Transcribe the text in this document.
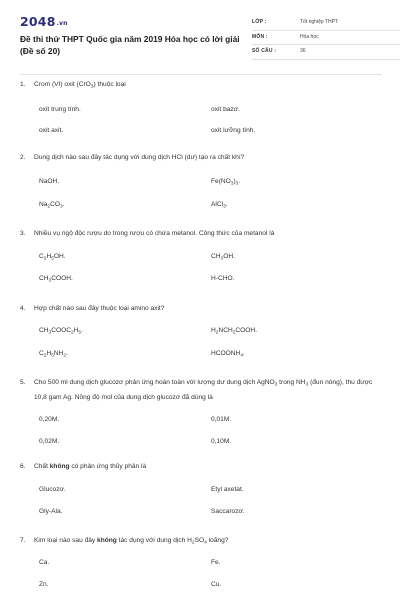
2048.vn
Đề thi thử THPT Quốc gia năm 2019 Hóa học có lời giải (Đề số 20)
LỚP :	Tốt nghiệp THPT
MÔN :	Hóa học
SỐ CÂU :	36
1. Crom (VI) oxit (CrO$_3$) thuộc loại
oxit trung tính.	oxit bazơ.
oxit axit.	oxit lưỡng tính.
2. Dung dịch nào sau đây tác dụng với dung dịch HCl (dư) tạo ra chất khí?
NaOH.	$Fe(NO_3)_3$.
$Na_2CO_3$.	AlCl$_3$.
3. Nhiều vụ ngộ độc rượu do trong rượu có chứa metanol. Công thức của metanol là
$C_2H_5OH$.	$CH_3OH$.
$CH_3COOH$.	H-CHO.
4. Hợp chất nào sau đây thuộc loại amino axit?
$CH_3COOC_2H_5$.	$H_2NCH_2COOH$.
$C_2H_5NH_2$.	$HCOONH_4$.
5. Cho 500 ml dung dịch glucozơ phản ứng hoàn toàn với lượng dư dung dịch AgNO$_3$ trong $NH_3$ (đun nóng), thu được 10,8 gam Ag. Nồng độ mol của dung dịch glucozơ đã dùng là
0,20M.	0,01M.
0,02M.	0,10M.
6. Chất không có phản ứng thủy phân là
Glucozơ.	Etyl axetat.
Gly-Ala.	Saccarozơ.
7. Kim loại nào sau đây không tác dụng với dung dịch $H_2SO_4$ loãng?
Ca.	Fe.
Zn.	Cu.
